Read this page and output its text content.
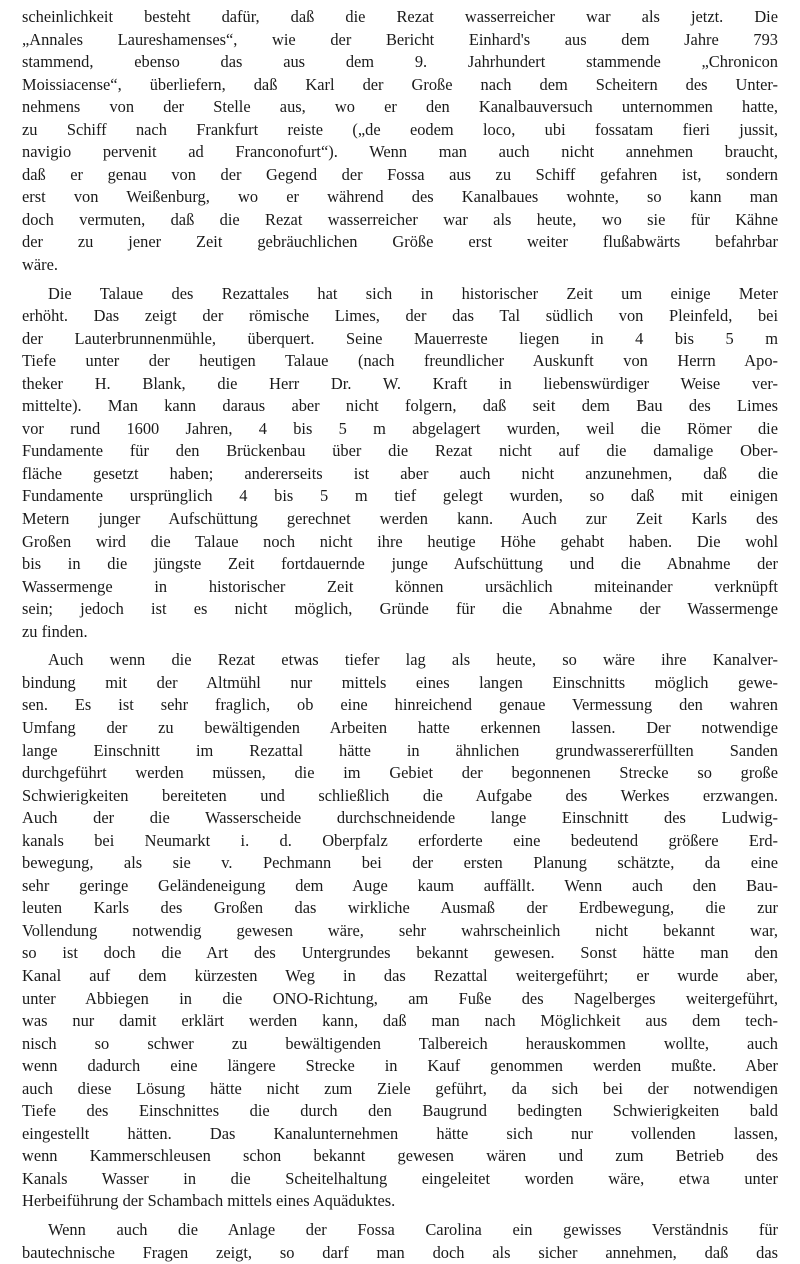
scheinlichkeit besteht dafür, daß die Rezat wasserreicher war als jetzt. Die
„Annales Laureshamenses“, wie der Bericht Einhard's aus dem Jahre 793
stammend, ebenso das aus dem 9. Jahrhundert stammende „Chronicon
Moissiacense“, überliefern, daß Karl der Große nach dem Scheitern des Unter-
nehmens von der Stelle aus, wo er den Kanalbauversuch unternommen hatte,
zu Schiff nach Frankfurt reiste („de eodem loco, ubi fossatam fieri jussit,
navigio pervenit ad Franconofurt“). Wenn man auch nicht annehmen braucht,
daß er genau von der Gegend der Fossa aus zu Schiff gefahren ist, sondern
erst von Weißenburg, wo er während des Kanalbaues wohnte, so kann man
doch vermuten, daß die Rezat wasserreicher war als heute, wo sie für Kähne
der zu jener Zeit gebräuchlichen Größe erst weiter flußabwärts befahrbar
wäre.
Die Talaue des Rezattales hat sich in historischer Zeit um einige Meter
erhöht. Das zeigt der römische Limes, der das Tal südlich von Pleinfeld, bei
der Lauterbrunnenmühle, überquert. Seine Mauerreste liegen in 4 bis 5 m
Tiefe unter der heutigen Talaue (nach freundlicher Auskunft von Herrn Apo-
theker H. Blank, die Herr Dr. W. Kraft in liebenswürdiger Weise ver-
mittelte). Man kann daraus aber nicht folgern, daß seit dem Bau des Limes
vor rund 1600 Jahren, 4 bis 5 m abgelagert wurden, weil die Römer die
Fundamente für den Brückenbau über die Rezat nicht auf die damalige Ober-
fläche gesetzt haben; andererseits ist aber auch nicht anzunehmen, daß die
Fundamente ursprünglich 4 bis 5 m tief gelegt wurden, so daß mit einigen
Metern junger Aufschüttung gerechnet werden kann. Auch zur Zeit Karls des
Großen wird die Talaue noch nicht ihre heutige Höhe gehabt haben. Die wohl
bis in die jüngste Zeit fortdauernde junge Aufschüttung und die Abnahme der
Wassermenge in historischer Zeit können ursächlich miteinander verknüpft
sein; jedoch ist es nicht möglich, Gründe für die Abnahme der Wassermenge
zu finden.
Auch wenn die Rezat etwas tiefer lag als heute, so wäre ihre Kanalver-
bindung mit der Altmühl nur mittels eines langen Einschnitts möglich gewe-
sen. Es ist sehr fraglich, ob eine hinreichend genaue Vermessung den wahren
Umfang der zu bewältigenden Arbeiten hatte erkennen lassen. Der notwendige
lange Einschnitt im Rezattal hätte in ähnlichen grundwassererfüllten Sanden
durchgeführt werden müssen, die im Gebiet der begonnenen Strecke so große
Schwierigkeiten bereiteten und schließlich die Aufgabe des Werkes erzwangen.
Auch der die Wasserscheide durchschneidende lange Einschnitt des Ludwig-
kanals bei Neumarkt i. d. Oberpfalz erforderte eine bedeutend größere Erd-
bewegung, als sie v. Pechmann bei der ersten Planung schätzte, da eine
sehr geringe Geländeneigung dem Auge kaum auffällt. Wenn auch den Bau-
leuten Karls des Großen das wirkliche Ausmaß der Erdbewegung, die zur
Vollendung notwendig gewesen wäre, sehr wahrscheinlich nicht bekannt war,
so ist doch die Art des Untergrundes bekannt gewesen. Sonst hätte man den
Kanal auf dem kürzesten Weg in das Rezattal weitergeführt; er wurde aber,
unter Abbiegen in die ONO-Richtung, am Fuße des Nagelberges weitergeführt,
was nur damit erklärt werden kann, daß man nach Möglichkeit aus dem tech-
nisch so schwer zu bewältigenden Talbereich herauskommen wollte, auch
wenn dadurch eine längere Strecke in Kauf genommen werden mußte. Aber
auch diese Lösung hätte nicht zum Ziele geführt, da sich bei der notwendigen
Tiefe des Einschnittes die durch den Baugrund bedingten Schwierigkeiten bald
eingestellt hätten. Das Kanalunternehmen hätte sich nur vollenden lassen,
wenn Kammerschleusen schon bekannt gewesen wären und zum Betrieb des
Kanals Wasser in die Scheitelhaltung eingeleitet worden wäre, etwa unter
Herbeiführung der Schambach mittels eines Aquäduktes.
Wenn auch die Anlage der Fossa Carolina ein gewisses Verständnis für
bautechnische Fragen zeigt, so darf man doch als sicher annehmen, daß das
